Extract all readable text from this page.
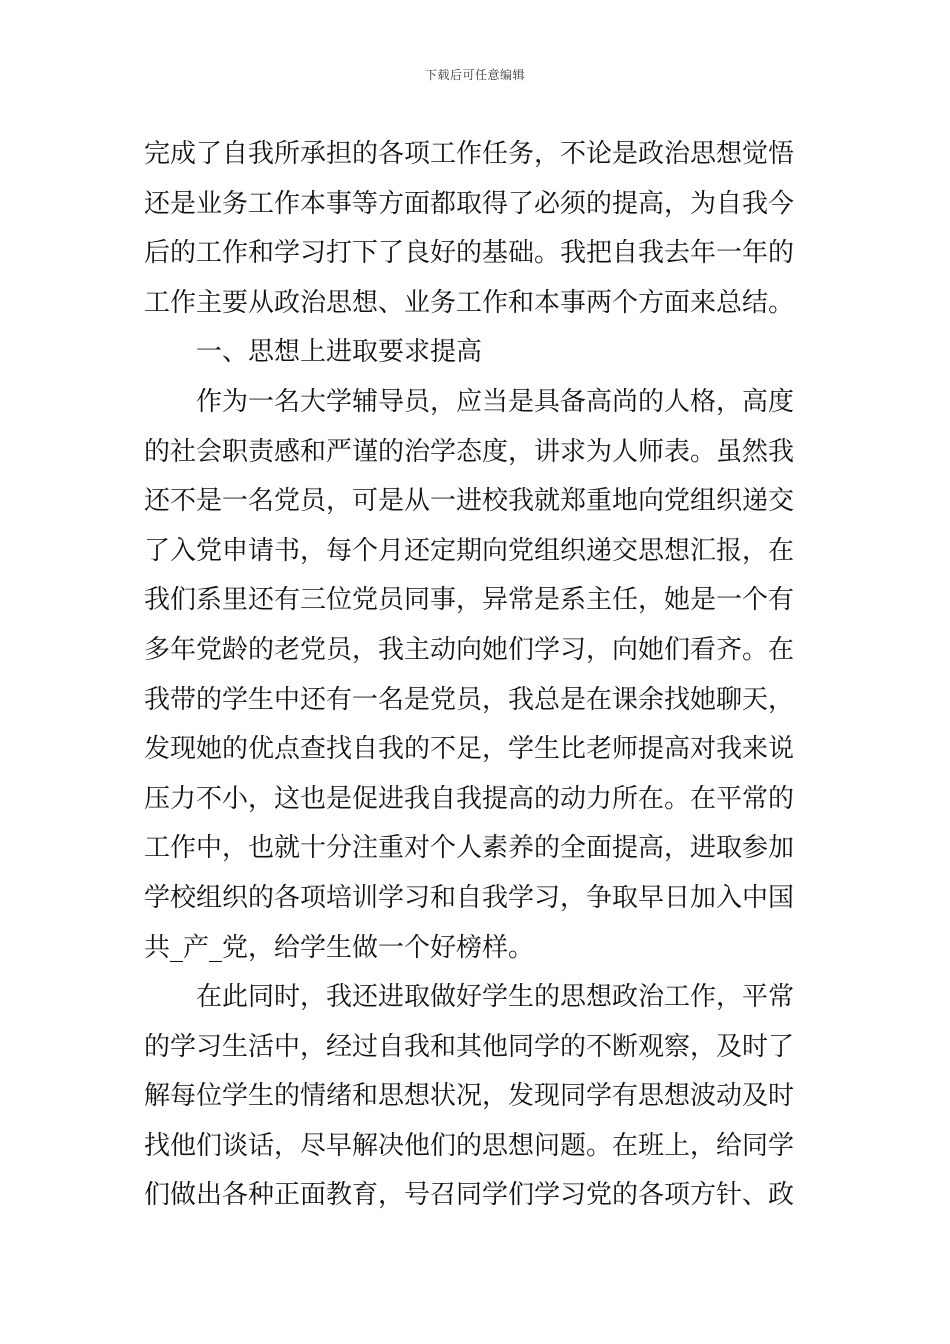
下载后可任意编辑
完成了自我所承担的各项工作任务，不论是政治思想觉悟
还是业务工作本事等方面都取得了必须的提高，为自我今
后的工作和学习打下了良好的基础。我把自我去年一年的
工作主要从政治思想、业务工作和本事两个方面来总结。
一、思想上进取要求提高
作为一名大学辅导员，应当是具备高尚的人格，高度
的社会职责感和严谨的治学态度，讲求为人师表。虽然我
还不是一名党员，可是从一进校我就郑重地向党组织递交
了入党申请书，每个月还定期向党组织递交思想汇报，在
我们系里还有三位党员同事，异常是系主任，她是一个有
多年党龄的老党员，我主动向她们学习，向她们看齐。在
我带的学生中还有一名是党员，我总是在课余找她聊天，
发现她的优点查找自我的不足，学生比老师提高对我来说
压力不小，这也是促进我自我提高的动力所在。在平常的
工作中，也就十分注重对个人素养的全面提高，进取参加
学校组织的各项培训学习和自我学习，争取早日加入中国
共_产_党，给学生做一个好榜样。
在此同时，我还进取做好学生的思想政治工作，平常
的学习生活中，经过自我和其他同学的不断观察，及时了
解每位学生的情绪和思想状况，发现同学有思想波动及时
找他们谈话，尽早解决他们的思想问题。在班上，给同学
们做出各种正面教育，号召同学们学习党的各项方针、政
